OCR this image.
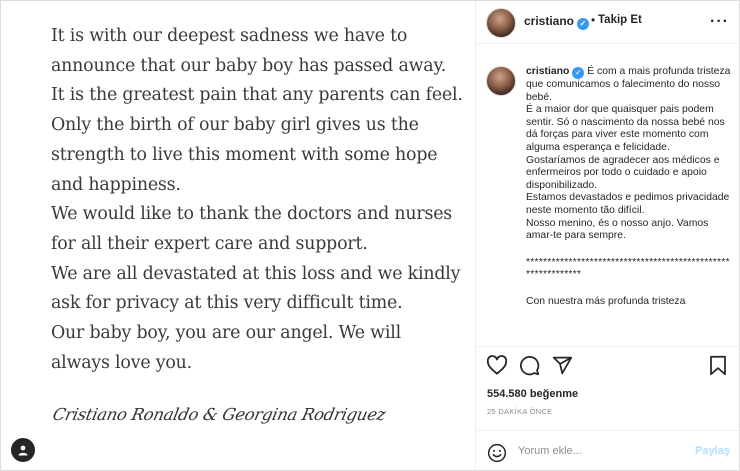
It is with our deepest sadness we have to
announce that our baby boy has passed away.
It is the greatest pain that any parents can feel.
Only the birth of our baby girl gives us the
strength to live this moment with some hope
and happiness.
We would like to thank the doctors and nurses
for all their expert care and support.
We are all devastated at this loss and we kindly
ask for privacy at this very difficult time.
Our baby boy, you are our angel. We will
always love you.
Cristiano Ronaldo & Georgina Rodriguez
cristiano ✓ • Takip Et	···

cristiano ✓ É com a mais profunda tristeza que comunicamos o falecimento do nosso bebé.

É a maior dor que quaisquer pais podem sentir. Só o nascimento da nossa bebé nos dá forças para viver este momento com alguma esperança e felicidade.

Gostaríamos de agradecer aos médicos e enfermeiros por todo o cuidado e apoio disponibilizado.

Estamos devastados e pedimos privacidade neste momento tão difícil.

Nosso menino, és o nosso anjo. Vamos amar-te para sempre.

*************************************************************

Con nuestra más profunda tristeza

554.580 beğenme
25 DAKİKA ÖNCE
Yorum ekle...	Paylaş
